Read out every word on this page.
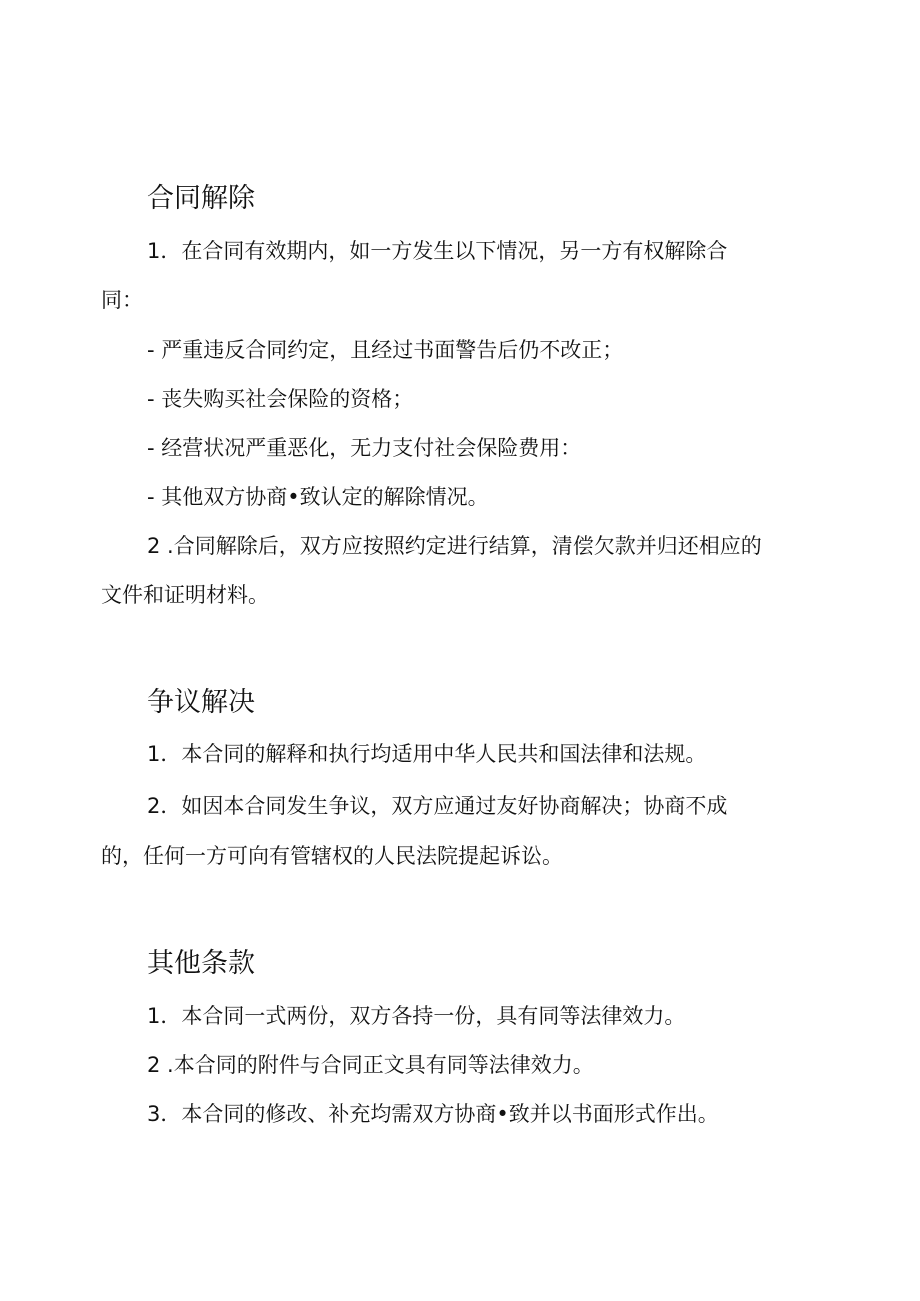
合同解除

1．在合同有效期内，如一方发生以下情况，另一方有权解除合

同：

- 严重违反合同约定，且经过书面警告后仍不改正；

- 丧失购买社会保险的资格；

- 经营状况严重恶化，无力支付社会保险费用：

- 其他双方协商•致认定的解除情况。

2 .合同解除后，双方应按照约定进行结算，清偿欠款并归还相应的

文件和证明材料。

争议解决

1．本合同的解释和执行均适用中华人民共和国法律和法规。

2．如因本合同发生争议，双方应通过友好协商解决；协商不成

的，任何一方可向有管辖权的人民法院提起诉讼。

其他条款

1．本合同一式两份，双方各持一份，具有同等法律效力。

2 .本合同的附件与合同正文具有同等法律效力。

3．本合同的修改、补充均需双方协商•致并以书面形式作出。
